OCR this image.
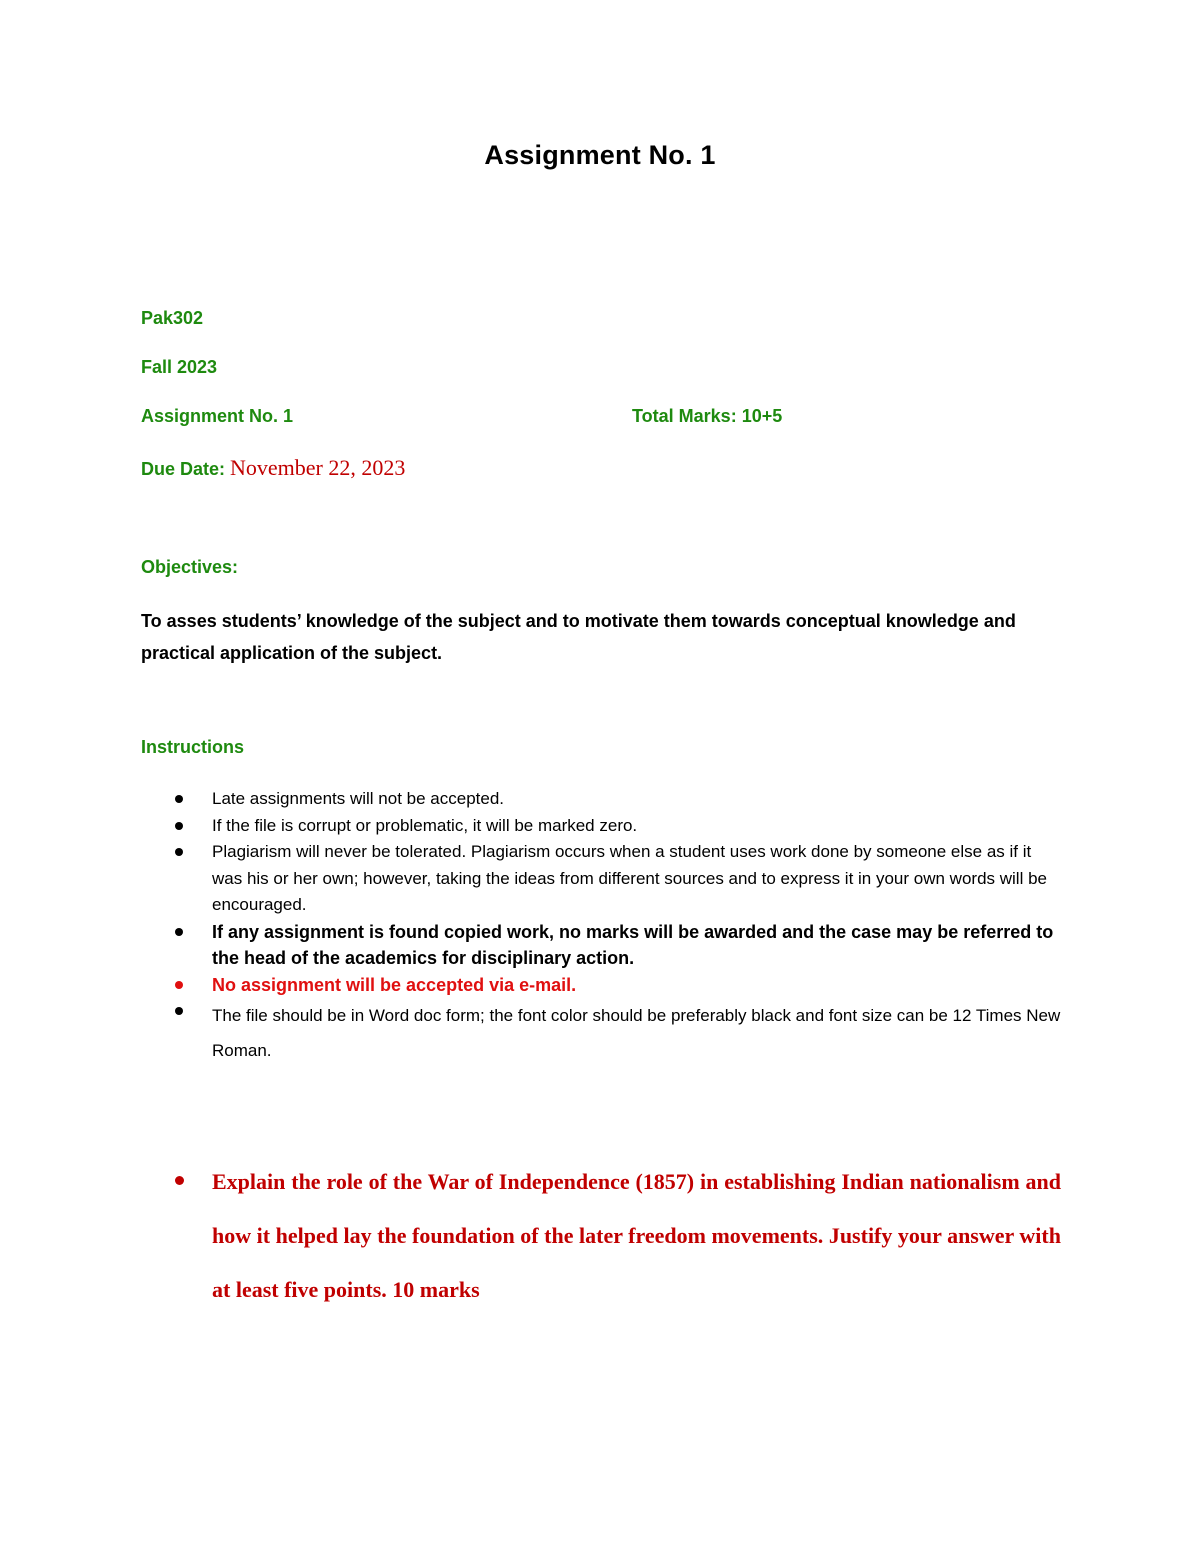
Assignment No. 1
Pak302
Fall 2023
Assignment No. 1	Total Marks: 10+5
Due Date: November 22, 2023
Objectives:
To asses students’ knowledge of the subject and to motivate them towards conceptual knowledge and practical application of the subject.
Instructions
Late assignments will not be accepted.
If the file is corrupt or problematic, it will be marked zero.
Plagiarism will never be tolerated. Plagiarism occurs when a student uses work done by someone else as if it was his or her own; however, taking the ideas from different sources and to express it in your own words will be encouraged.
If any assignment is found copied work, no marks will be awarded and the case may be referred to the head of the academics for disciplinary action.
No assignment will be accepted via e-mail.
The file should be in Word doc form; the font color should be preferably black and font size can be 12 Times New Roman.
Explain the role of the War of Independence (1857) in establishing Indian nationalism and how it helped lay the foundation of the later freedom movements. Justify your answer with at least five points. 10 marks
